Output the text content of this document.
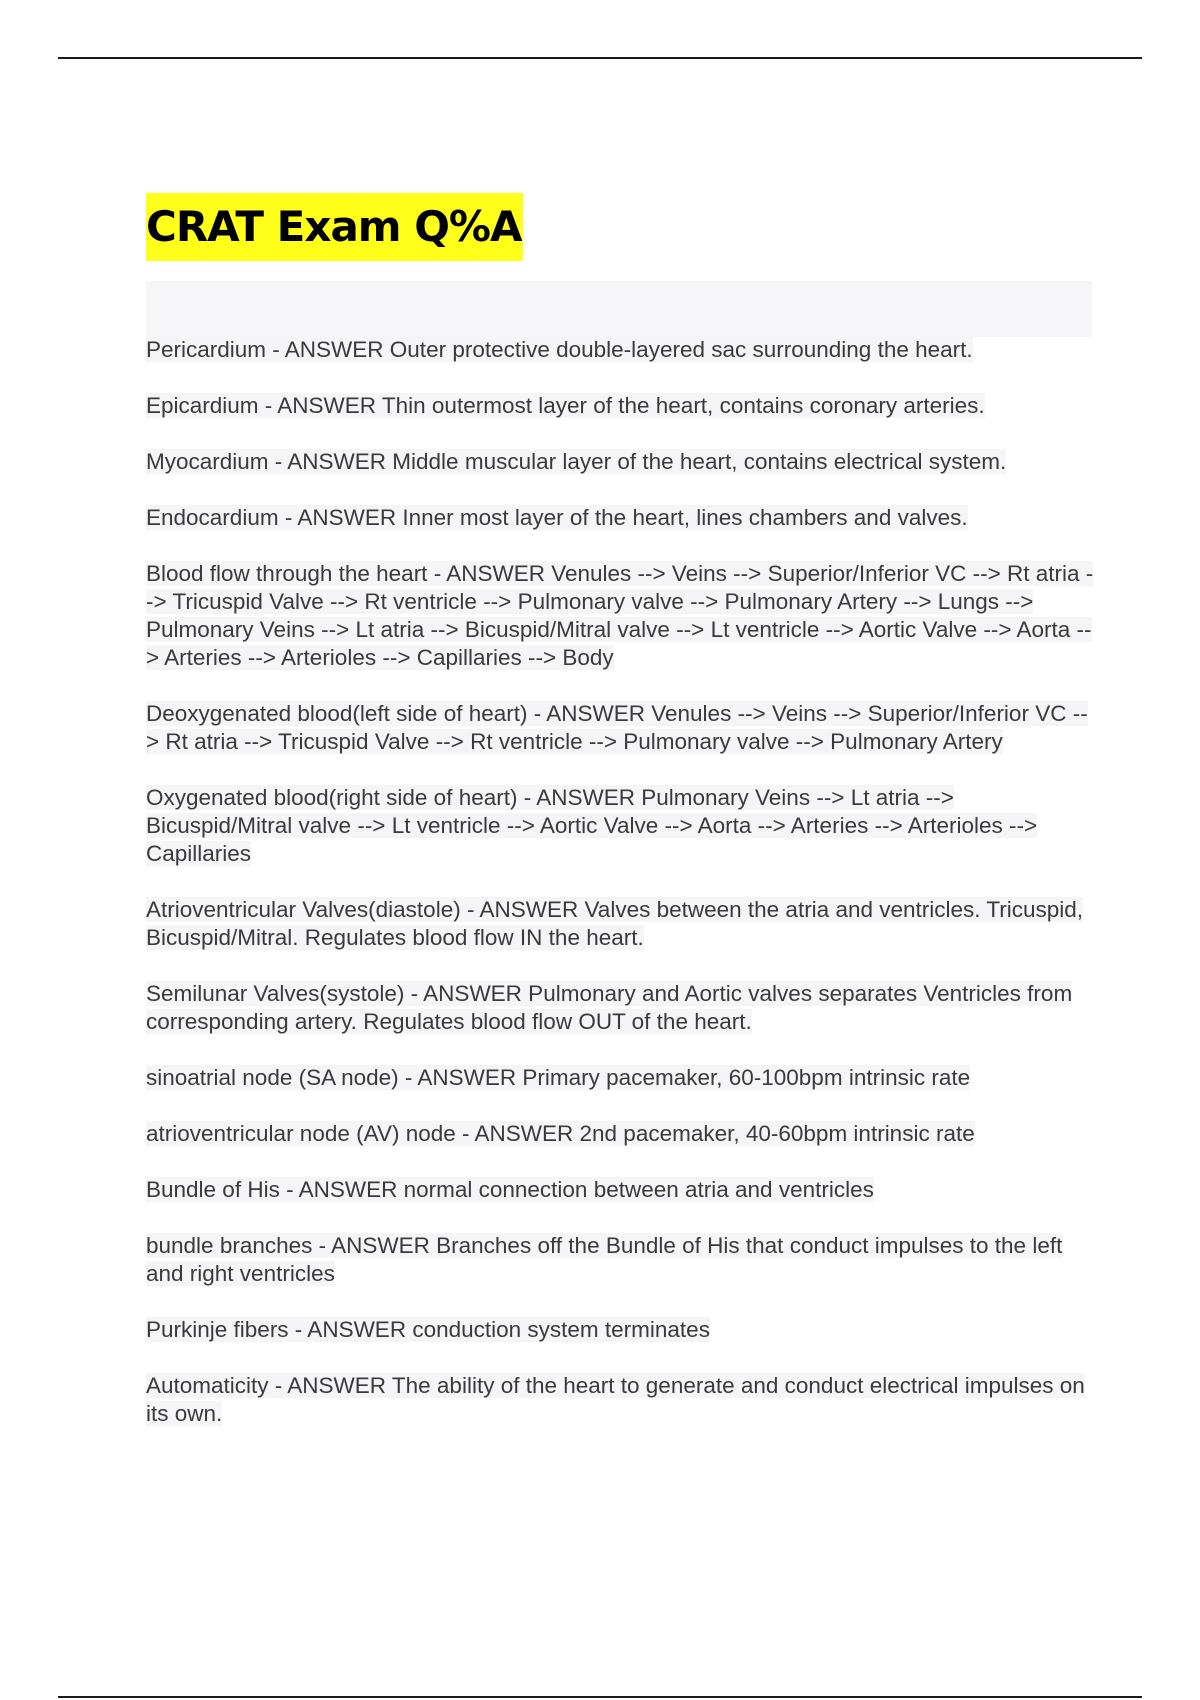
CRAT Exam Q%A
Pericardium - ANSWER Outer protective double-layered sac surrounding the heart.
Epicardium - ANSWER Thin outermost layer of the heart, contains coronary arteries.
Myocardium - ANSWER Middle muscular layer of the heart, contains electrical system.
Endocardium - ANSWER Inner most layer of the heart, lines chambers and valves.
Blood flow through the heart - ANSWER Venules --> Veins --> Superior/Inferior VC --> Rt atria --> Tricuspid Valve --> Rt ventricle --> Pulmonary valve --> Pulmonary Artery --> Lungs --> Pulmonary Veins --> Lt atria --> Bicuspid/Mitral valve --> Lt ventricle --> Aortic Valve --> Aorta --> Arteries --> Arterioles --> Capillaries --> Body
Deoxygenated blood(left side of heart) - ANSWER Venules --> Veins --> Superior/Inferior VC --> Rt atria --> Tricuspid Valve --> Rt ventricle --> Pulmonary valve --> Pulmonary Artery
Oxygenated blood(right side of heart) - ANSWER Pulmonary Veins --> Lt atria --> Bicuspid/Mitral valve --> Lt ventricle --> Aortic Valve --> Aorta --> Arteries --> Arterioles --> Capillaries
Atrioventricular Valves(diastole) - ANSWER Valves between the atria and ventricles. Tricuspid, Bicuspid/Mitral. Regulates blood flow IN the heart.
Semilunar Valves(systole) - ANSWER Pulmonary and Aortic valves separates Ventricles from corresponding artery. Regulates blood flow OUT of the heart.
sinoatrial node (SA node) - ANSWER Primary pacemaker, 60-100bpm intrinsic rate
atrioventricular node (AV) node - ANSWER 2nd pacemaker, 40-60bpm intrinsic rate
Bundle of His - ANSWER normal connection between atria and ventricles
bundle branches - ANSWER Branches off the Bundle of His that conduct impulses to the left and right ventricles
Purkinje fibers - ANSWER conduction system terminates
Automaticity - ANSWER The ability of the heart to generate and conduct electrical impulses on its own.
